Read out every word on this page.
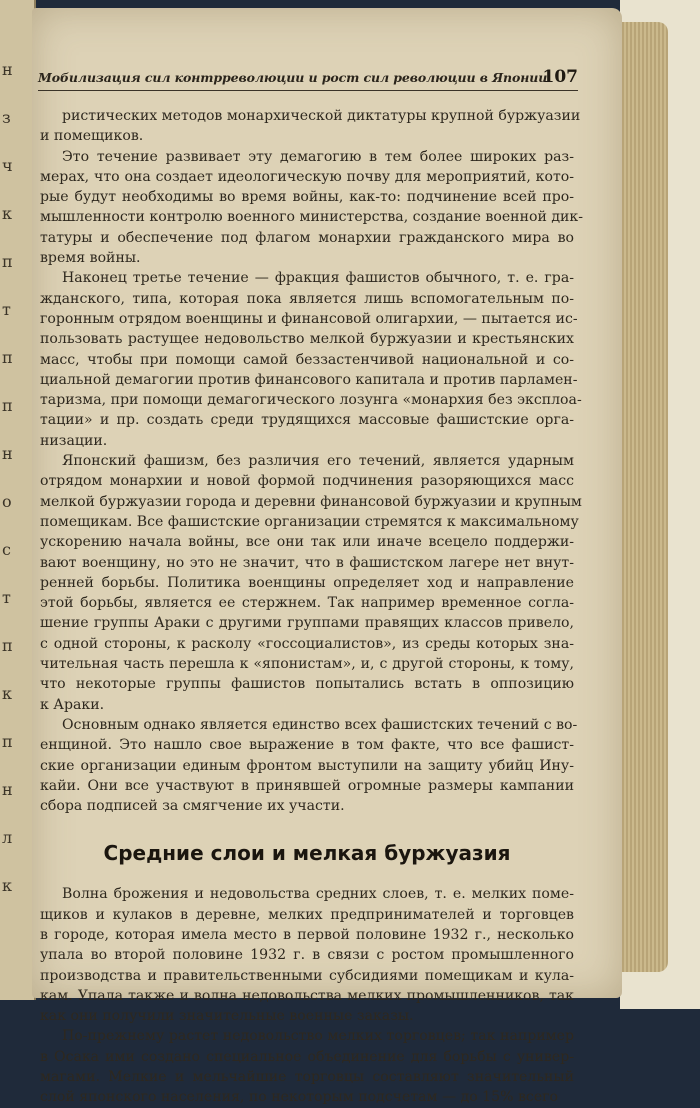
н
з
ч
к
п
т
п
п
н
о
с
т
п
к
п
н
л
к
Мобилизация сил контрреволюции и рост сил революции в Японии
107
ристических методов монархической диктатуры крупной буржуазии
и помещиков.
Это течение развивает эту демагогию в тем более широких раз-
мерах, что она создает идеологическую почву для мероприятий, кото-
рые будут необходимы во время войны, как-то: подчинение всей про-
мышленности контролю военного министерства, создание военной дик-
татуры и обеспечение под флагом монархии гражданского мира во
время войны.
Наконец третье течение — фракция фашистов обычного, т. е. гра-
жданского, типа, которая пока является лишь вспомогательным по-
горонным отрядом военщины и финансовой олигархии, — пытается ис-
пользовать растущее недовольство мелкой буржуазии и крестьянских
масс, чтобы при помощи самой беззастенчивой национальной и со-
циальной демагогии против финансового капитала и против парламен-
таризма, при помощи демагогического лозунга «монархия без эксплоа-
тации» и пр. создать среди трудящихся массовые фашистские орга-
низации.
Японский фашизм, без различия его течений, является ударным
отрядом монархии и новой формой подчинения разоряющихся масс
мелкой буржуазии города и деревни финансовой буржуазии и крупным
помещикам. Все фашистские организации стремятся к максимальному
ускорению начала войны, все они так или иначе всецело поддержи-
вают военщину, но это не значит, что в фашистском лагере нет внут-
ренней борьбы. Политика военщины определяет ход и направление
этой борьбы, является ее стержнем. Так например временное согла-
шение группы Араки с другими группами правящих классов привело,
с одной стороны, к расколу «госсоциалистов», из среды которых зна-
чительная часть перешла к «японистам», и, с другой стороны, к тому,
что некоторые группы фашистов попытались встать в оппозицию
к Араки.
Основным однако является единство всех фашистских течений с во-
енщиной. Это нашло свое выражение в том факте, что все фашист-
ские организации единым фронтом выступили на защиту убийц Ину-
кайи. Они все участвуют в принявшей огромные размеры кампании
сбора подписей за смягчение их участи.
Средние слои и мелкая буржуазия
Волна брожения и недовольства средних слоев, т. е. мелких поме-
щиков и кулаков в деревне, мелких предпринимателей и торговцев
в городе, которая имела место в первой половине 1932 г., несколько
упала во второй половине 1932 г. в связи с ростом промышленного
производства и правительственными субсидиями помещикам и кула-
кам. Упала также и волна недовольства мелких промышленников, так
как они получили значительные военные заказы.
По-прежнему растет недовольство мелких торговцев; так например
в Осака ими создано специальное объединение для борьбы с универ-
магами. Мелкие и мельчайшие торговцы составляют значительный
слой японского населения, по некоторым подсчетам — до 15% всего
